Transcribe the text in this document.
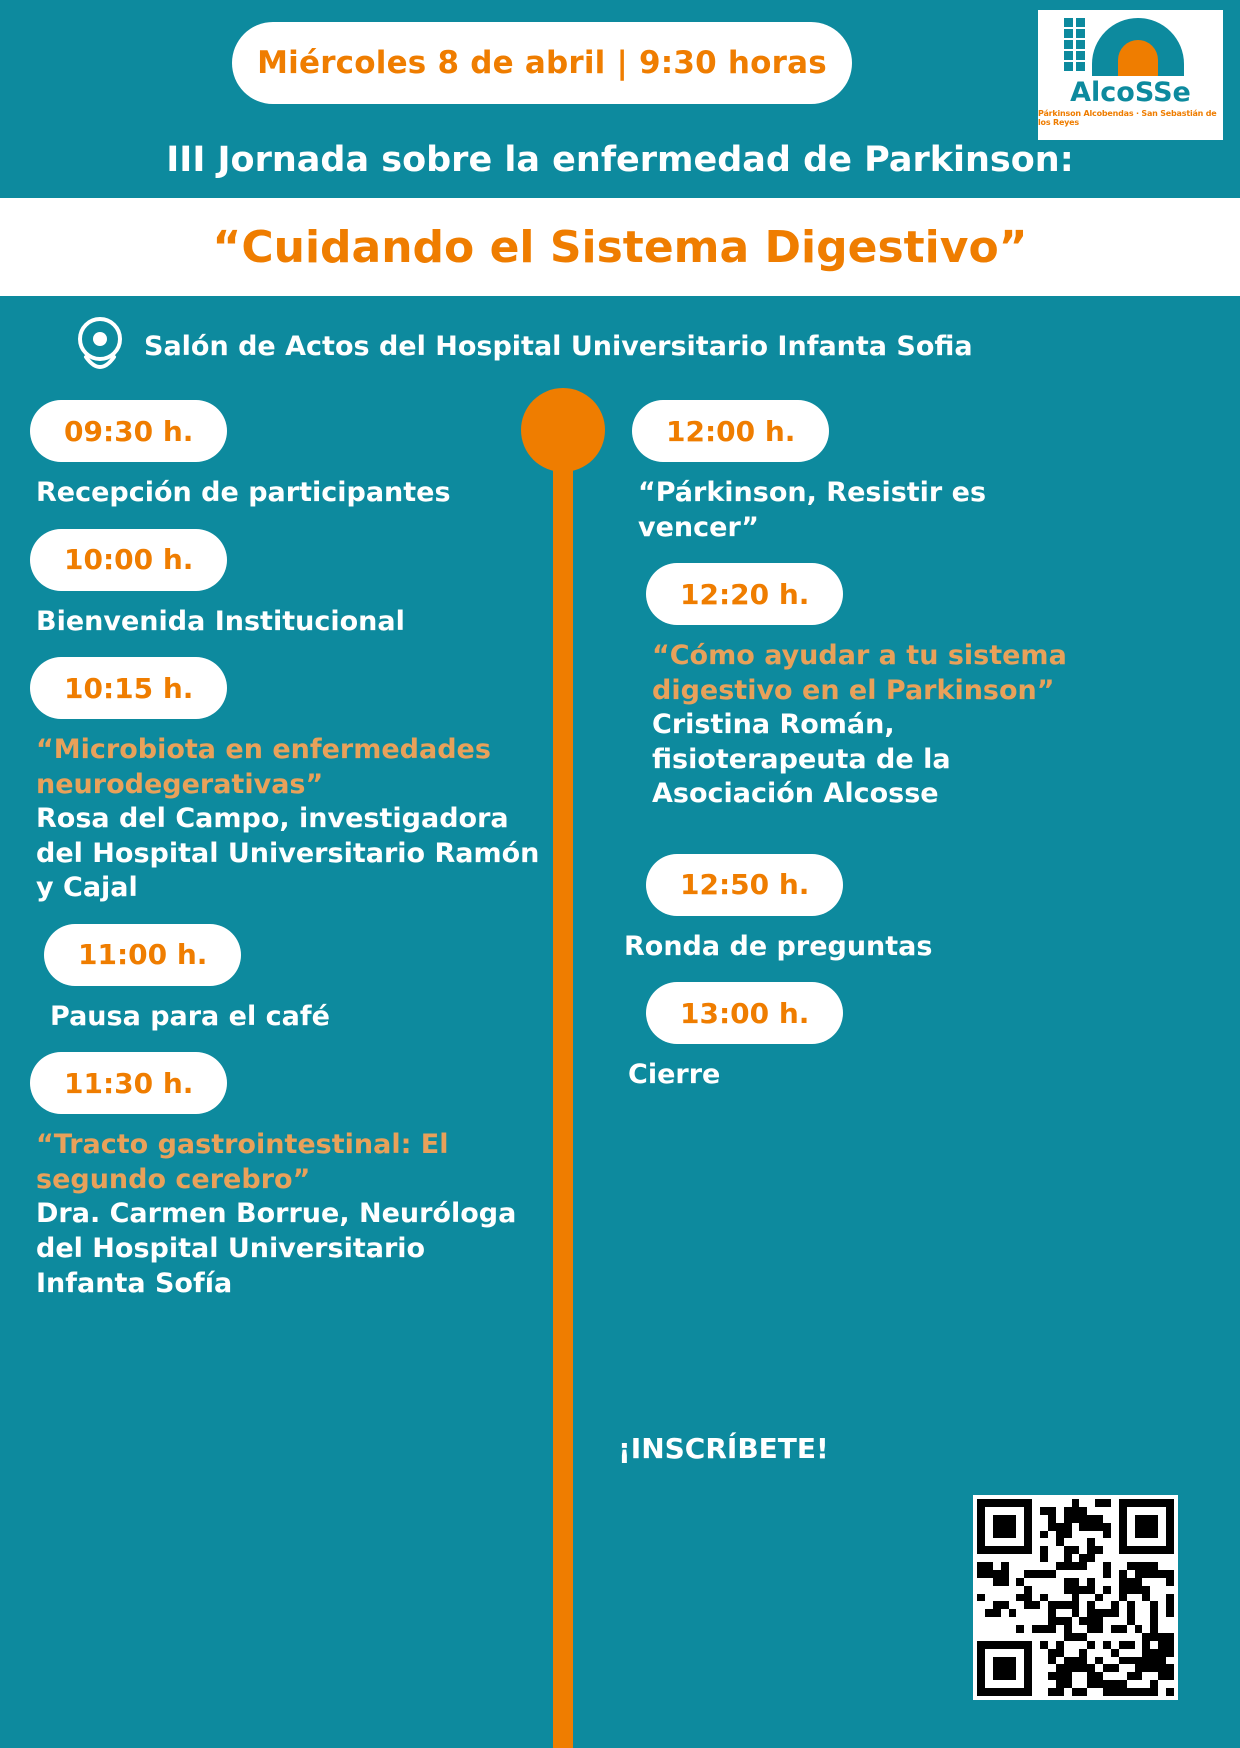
Miércoles 8 de abril | 9:30 horas
AlcoSSe
Párkinson Alcobendas · San Sebastián de los Reyes
III Jornada sobre la enfermedad de Parkinson:
“Cuidando el Sistema Digestivo”
Salón de Actos del Hospital Universitario Infanta Sofia
09:30 h.
Recepción de participantes
10:00 h.
Bienvenida Institucional
10:15 h.
“Microbiota en enfermedades neurodegerativas”
Rosa del Campo, investigadora del Hospital Universitario Ramón y Cajal
11:00 h.
Pausa para el café
11:30 h.
“Tracto gastrointestinal: El segundo cerebro”
Dra. Carmen Borrue, Neuróloga del Hospital Universitario Infanta Sofía
12:00 h.
“Párkinson, Resistir es vencer”
12:20 h.
“Cómo ayudar a tu sistema digestivo en el Parkinson”
Cristina Román, fisioterapeuta de la Asociación Alcosse
12:50 h.
Ronda de preguntas
13:00 h.
Cierre
¡INSCRÍBETE!
